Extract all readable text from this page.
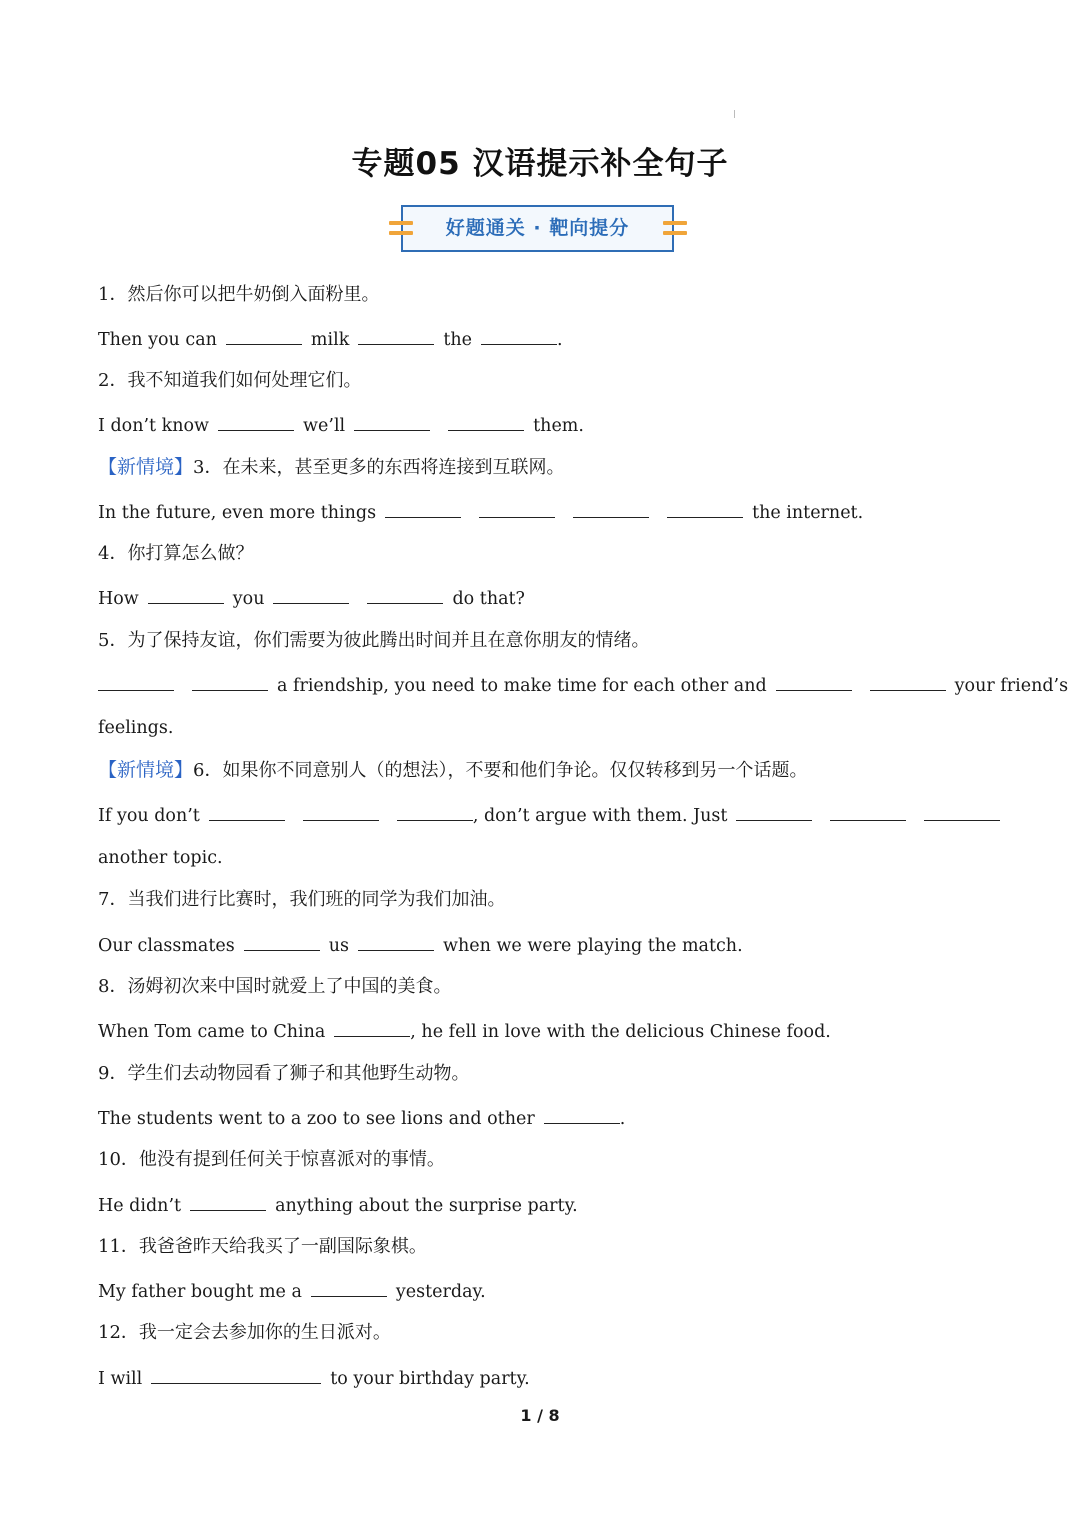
专题05 汉语提示补全句子
好题通关 · 靶向提分
1．然后你可以把牛奶倒入面粉里。
Then you can	milk	the	.
2．我不知道我们如何处理它们。
I don’t know	we’ll	them.
【新情境】3．在未来，甚至更多的东西将连接到互联网。
In the future, even more things	the internet.
4．你打算怎么做？
How	you	do that?
5．为了保持友谊，你们需要为彼此腾出时间并且在意你朋友的情绪。
a friendship, you need to make time for each other and	your friend’s
feelings.
【新情境】6．如果你不同意别人（的想法），不要和他们争论。仅仅转移到另一个话题。
If you don’t	, don’t argue with them. Just
another topic.
7．当我们进行比赛时，我们班的同学为我们加油。
Our classmates	us	when we were playing the match.
8．汤姆初次来中国时就爱上了中国的美食。
When Tom came to China	, he fell in love with the delicious Chinese food.
9．学生们去动物园看了狮子和其他野生动物。
The students went to a zoo to see lions and other	.
10．他没有提到任何关于惊喜派对的事情。
He didn’t	anything about the surprise party.
11．我爸爸昨天给我买了一副国际象棋。
My father bought me a	yesterday.
12．我一定会去参加你的生日派对。
I will	to your birthday party.
1 / 8
